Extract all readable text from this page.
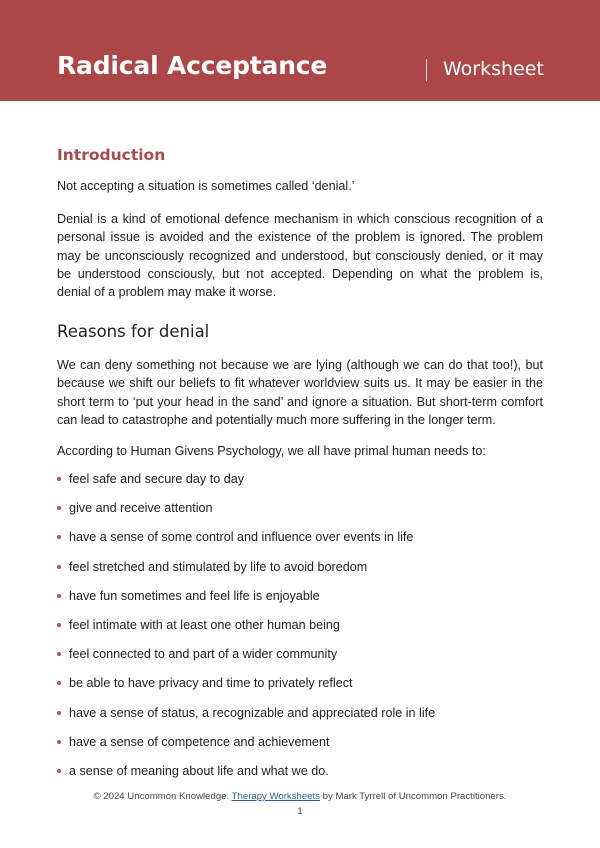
Radical Acceptance	Worksheet
Introduction

Not accepting a situation is sometimes called ‘denial.’

Denial is a kind of emotional defence mechanism in which conscious recognition of a personal issue is avoided and the existence of the problem is ignored. The problem may be unconsciously recognized and understood, but consciously denied, or it may be understood consciously, but not accepted. Depending on what the problem is, denial of a problem may make it worse.

Reasons for denial

We can deny something not because we are lying (although we can do that too!), but because we shift our beliefs to fit whatever worldview suits us. It may be easier in the short term to ‘put your head in the sand’ and ignore a situation. But short-term comfort can lead to catastrophe and potentially much more suffering in the longer term.

According to Human Givens Psychology, we all have primal human needs to:

feel safe and secure day to day
give and receive attention
have a sense of some control and influence over events in life
feel stretched and stimulated by life to avoid boredom
have fun sometimes and feel life is enjoyable
feel intimate with at least one other human being
feel connected to and part of a wider community
be able to have privacy and time to privately reflect
have a sense of status, a recognizable and appreciated role in life
have a sense of competence and achievement
a sense of meaning about life and what we do.
© 2024 Uncommon Knowledge. Therapy Worksheets by Mark Tyrrell of Uncommon Practitioners.
1
